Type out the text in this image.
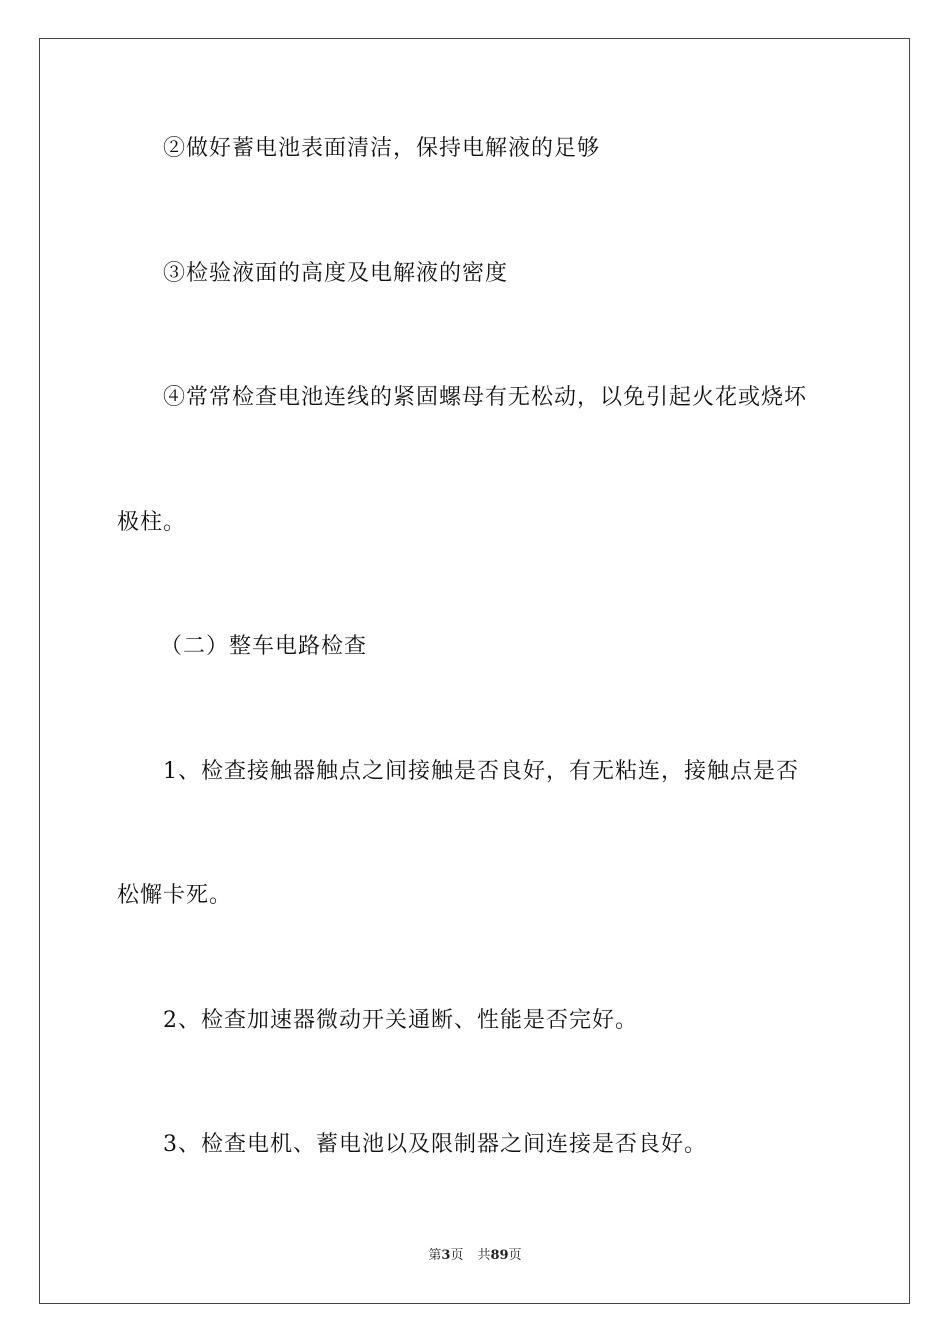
②做好蓄电池表面清洁，保持电解液的足够
③检验液面的高度及电解液的密度
④常常检查电池连线的紧固螺母有无松动，以免引起火花或烧坏
极柱。
（二）整车电路检查
1、检查接触器触点之间接触是否良好，有无粘连，接触点是否
松懈卡死。
2、检查加速器微动开关通断、性能是否完好。
3、检查电机、蓄电池以及限制器之间连接是否良好。
第3页 共89页
